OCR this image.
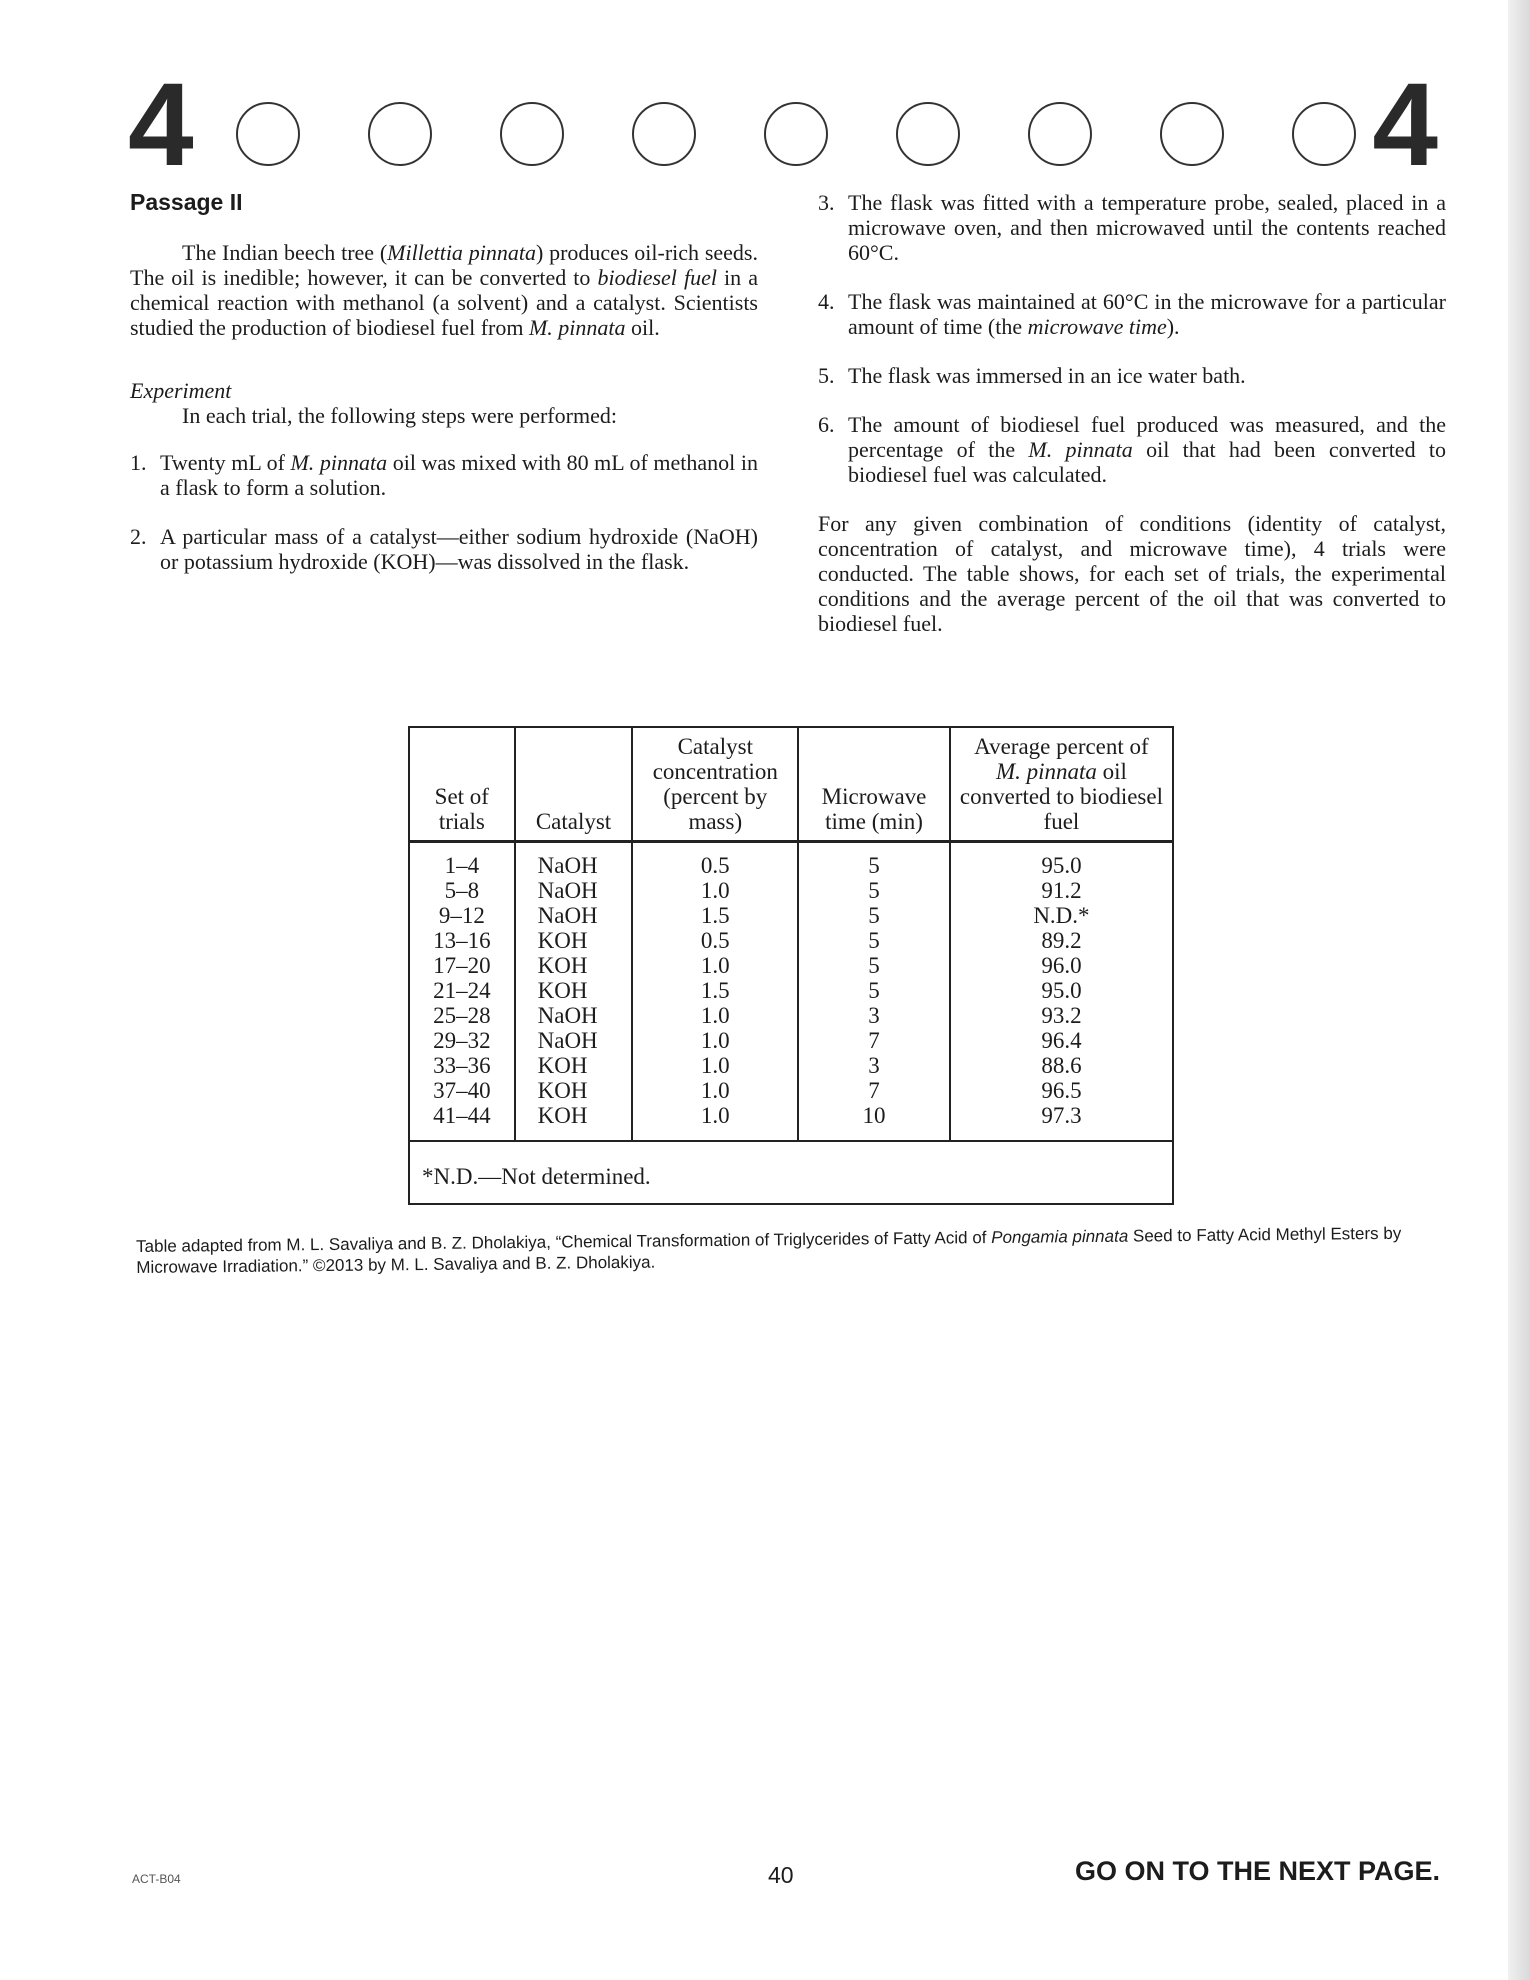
4	4
Passage II

The Indian beech tree (Millettia pinnata) produces oil-rich seeds. The oil is inedible; however, it can be converted to biodiesel fuel in a chemical reaction with methanol (a solvent) and a catalyst. Scientists studied the production of biodiesel fuel from M. pinnata oil.

Experiment

In each trial, the following steps were performed:

1. Twenty mL of M. pinnata oil was mixed with 80 mL of methanol in a flask to form a solution.
2. A particular mass of a catalyst—either sodium hydroxide (NaOH) or potassium hydroxide (KOH)—was dissolved in the flask.
3. The flask was fitted with a temperature probe, sealed, placed in a microwave oven, and then microwaved until the contents reached 60°C.
4. The flask was maintained at 60°C in the microwave for a particular amount of time (the microwave time).
5. The flask was immersed in an ice water bath.
6. The amount of biodiesel fuel produced was measured, and the percentage of the M. pinnata oil that had been converted to biodiesel fuel was calculated.

For any given combination of conditions (identity of catalyst, concentration of catalyst, and microwave time), 4 trials were conducted. The table shows, for each set of trials, the experimental conditions and the average percent of the oil that was converted to biodiesel fuel.

Set of trials	Catalyst	Catalyst concentration (percent by mass)	Microwave time (min)	Average percent of
M. pinnata oil converted to biodiesel fuel
1–4	NaOH	0.5	5	95.0
5–8	NaOH	1.0	5	91.2
9–12	NaOH	1.5	5	N.D.*
13–16	KOH	0.5	5	89.2
17–20	KOH	1.0	5	96.0
21–24	KOH	1.5	5	95.0
25–28	NaOH	1.0	3	93.2
29–32	NaOH	1.0	7	96.4
33–36	KOH	1.0	3	88.6
37–40	KOH	1.0	7	96.5
41–44	KOH	1.0	10	97.3
*N.D.—Not determined.				
Table adapted from M. L. Savaliya and B. Z. Dholakiya, “Chemical Transformation of Triglycerides of Fatty Acid of Pongamia pinnata Seed to Fatty Acid Methyl Esters by Microwave Irradiation.” ©2013 by M. L. Savaliya and B. Z. Dholakiya.
ACT-B04	40	GO ON TO THE NEXT PAGE.
